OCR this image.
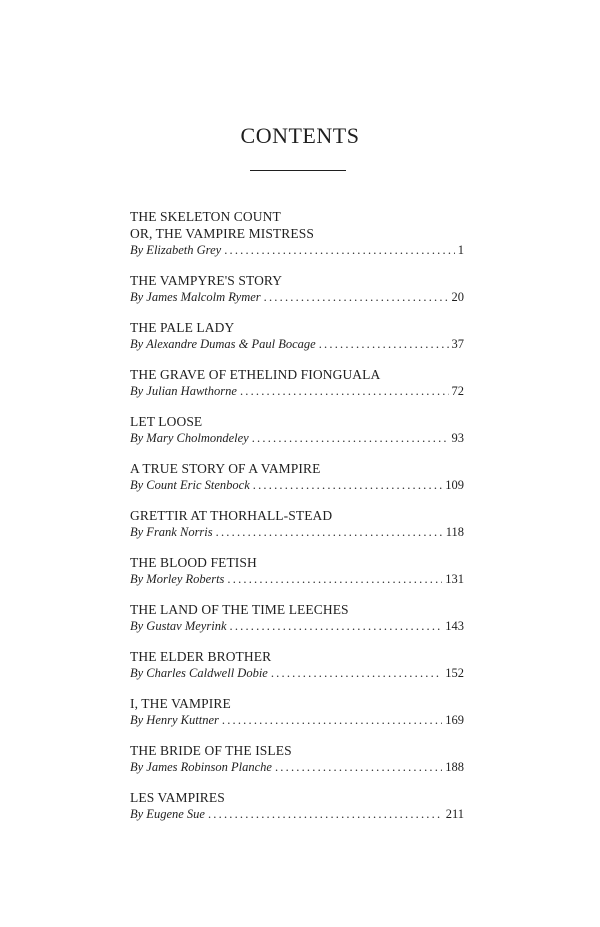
CONTENTS
THE SKELETON COUNT
OR, THE VAMPIRE MISTRESS
By Elizabeth Grey .....	1
THE VAMPYRE'S STORY
By James Malcolm Rymer .....	20
THE PALE LADY
By Alexandre Dumas & Paul Bocage .....	37
THE GRAVE OF ETHELIND FIONGUALA
By Julian Hawthorne .....	72
LET LOOSE
By Mary Cholmondeley .....	93
A TRUE STORY OF A VAMPIRE
By Count Eric Stenbock .....	109
GRETTIR AT THORHALL-STEAD
By Frank Norris .....	118
THE BLOOD FETISH
By Morley Roberts .....	131
THE LAND OF THE TIME LEECHES
By Gustav Meyrink .....	143
THE ELDER BROTHER
By Charles Caldwell Dobie .....	152
I, THE VAMPIRE
By Henry Kuttner .....	169
THE BRIDE OF THE ISLES
By James Robinson Planche .....	188
LES VAMPIRES
By Eugene Sue .....	211
